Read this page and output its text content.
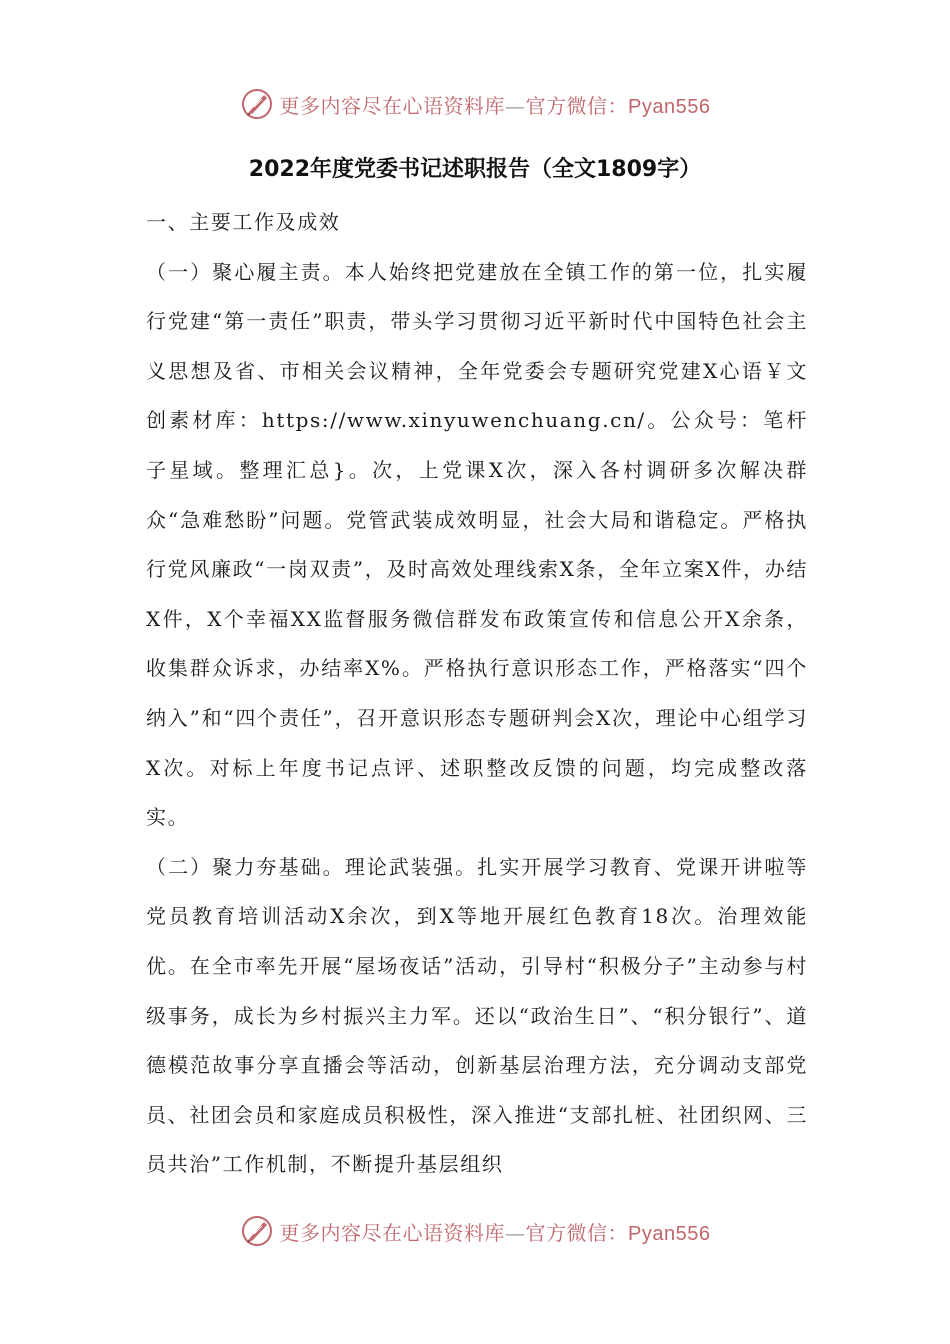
更多内容尽在心语资料库—官方微信：Pyan556
2022年度党委书记述职报告（全文1809字）

一、主要工作及成效

（一）聚心履主责。本人始终把党建放在全镇工作的第一位，扎实履行党建“第一责任”职责，带头学习贯彻习近平新时代中国特色社会主义思想及省、市相关会议精神，全年党委会专题研究党建X心语￥文创素材库：https://www.xinyuwenchuang.cn/。公众号：笔杆子星域。整理汇总}。次，上党课X次，深入各村调研多次解决群众“急难愁盼”问题。党管武装成效明显，社会大局和谐稳定。严格执行党风廉政“一岗双责”，及时高效处理线索X条，全年立案X件，办结X件，X个幸福XX监督服务微信群发布政策宣传和信息公开X余条，收集群众诉求，办结率X%。严格执行意识形态工作，严格落实“四个纳入”和“四个责任”，召开意识形态专题研判会X次，理论中心组学习X次。对标上年度书记点评、述职整改反馈的问题，均完成整改落实。

（二）聚力夯基础。理论武装强。扎实开展学习教育、党课开讲啦等党员教育培训活动X余次，到X等地开展红色教育18次。治理效能优。在全市率先开展“屋场夜话”活动，引导村“积极分子”主动参与村级事务，成长为乡村振兴主力军。还以“政治生日”、“积分银行”、道德模范故事分享直播会等活动，创新基层治理方法，充分调动支部党员、社团会员和家庭成员积极性，深入推进“支部扎桩、社团织网、三员共治”工作机制，不断提升基层组织

更多内容尽在心语资料库—官方微信：Pyan556
